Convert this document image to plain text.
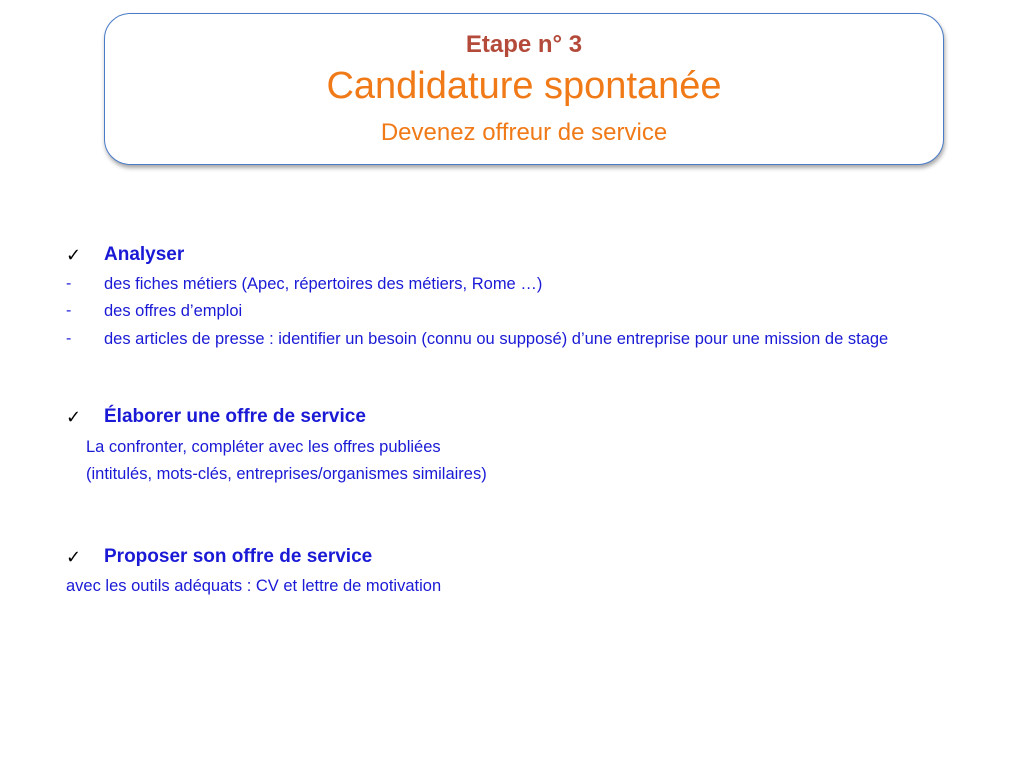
Etape n° 3
Candidature spontanée
Devenez offreur de service
✓ Analyser
- des fiches métiers (Apec, répertoires des métiers, Rome …)
- des offres d’emploi
- des articles de presse : identifier un besoin (connu ou supposé) d’une entreprise pour une mission de stage
✓ Élaborer une offre de service
La confronter, compléter avec les offres publiées
(intitulés, mots-clés, entreprises/organismes similaires)
✓ Proposer son offre de service
avec les outils adéquats : CV et lettre de motivation
